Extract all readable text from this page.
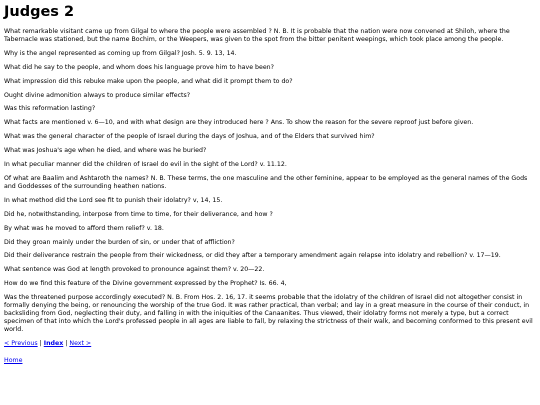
Judges 2

What remarkable visitant came up from Gilgal to where the people were assembled ? N. B. It is probable that the nation were now convened at Shiloh, where the Tabernacle was stationed, but the name Bochim, or the Weepers, was given to the spot from the bitter penitent weepings, which took place among the people.

Why is the angel represented as coming up from Gilgal? Josh. 5. 9. 13, 14.

What did he say to the people, and whom does his language prove him to have been?

What impression did this rebuke make upon the people, and what did it prompt them to do?

Ought divine admonition always to produce similar effects?

Was this reformation lasting?

What facts are mentioned v. 6—10, and with what design are they introduced here ? Ans. To show the reason for the severe reproof just before given.

What was the general character of the people of Israel during the days of Joshua, and of the Elders that survived him?

What was Joshua's age when he died, and where was he buried?

In what peculiar manner did the children of Israel do evil in the sight of the Lord? v. 11.12.

Of what are Baalim and Ashtaroth the names? N. B. These terms, the one masculine and the other feminine, appear to be employed as the general names of the Gods and Goddesses of the surrounding heathen nations.

In what method did the Lord see fit to punish their idolatry? v, 14, 15.

Did he, notwithstanding, interpose from time to time, for their deliverance, and how ?

By what was he moved to afford them relief? v. 18.

Did they groan mainly under the burden of sin, or under that of affliction?

Did their deliverance restrain the people from their wickedness, or did they after a temporary amendment again relapse into idolatry and rebellion? v. 17—19.

What sentence was God at length provoked to pronounce against them? v. 20—22.

How do we find this feature of the Divine government expressed by the Prophet? Is. 66. 4,

Was the threatened purpose accordingly executed? N. B. From Hos. 2. 16, 17. it seems probable that the idolatry of the children of Israel did not altogether consist in formally denying the being, or renouncing the worship of the true God. It was rather practical, than verbal; and lay in a great measure in the course of their conduct, in backsliding from God, neglecting their duty, and falling in with the iniquities of the Canaanites. Thus viewed, their idolatry forms not merely a type, but a correct specimen of that into which the Lord's professed people in all ages are liable to fall, by relaxing the strictness of their walk, and becoming conformed to this present evil world.

< Previous | Index | Next >
Home
